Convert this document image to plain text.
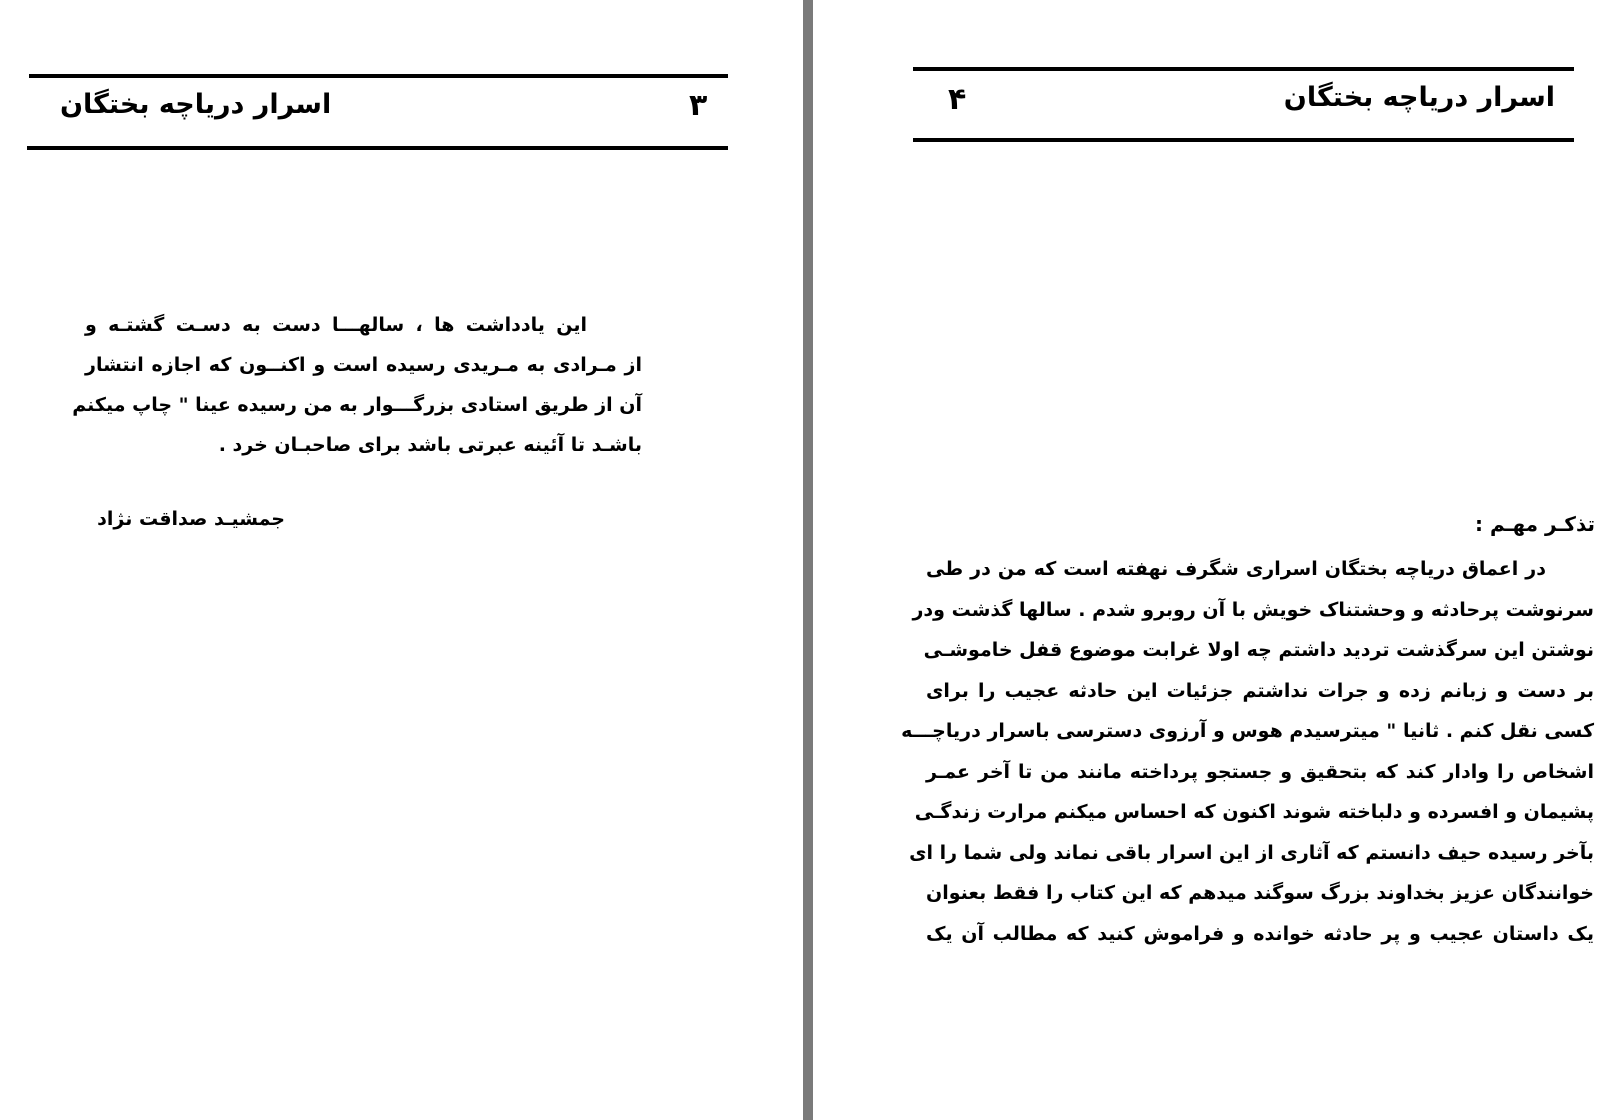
اسرار دریاچه بختگان	۳
این یادداشت ها ، سالهـــا دست به دسـت گشتـه و
از مـرادی به مـریدی رسیده است و اکنــون که اجازه‌ انتشار
آن از طریق استادی بزرگـــوار به من رسیده عینا " چاپ میکنم
باشـد تا آئینه‌ عبرتی باشد برای صاحبـان خرد .
جمشیـد صداقت نژاد
۴	اسرار دریاچه بختگان
تذکـر مهـم :
در اعماق دریاچه‌ بختگان اسراری شگرف نهفته است که من در طی
سرنوشت پرحادثه و وحشتناک خویش با آن روبرو شدم . سالها گذشت ودر
نوشتن این سرگذشت تردید داشتم چه اولا غرابت موضوع قفل خاموشـی
بر دست و زبانم زده و جرات نداشتم جزئیات این حادثه عجیب را برای
کسی نقل کنم . ثانیا " میترسیدم هوس و آرزوی دسترسی باسرار دریاچـــه
اشخاص را وادار کند که بتحقیق و جستجو پرداخته مانند من تا آخر عمـر
پشیمان و افسرده و دلباخته شوند اکنون که احساس میکنم مرارت زندگـی
بآخر رسیده حیف دانستم که آثاری از این اسرار باقی نماند ولی شما را ای
خوانندگان عزیز بخداوند بزرگ سوگند میدهم که این کتاب را فقط بعنوان
یک داستان عجیب و پر حادثه خوانده و فراموش کنید که مطالب آن یک
